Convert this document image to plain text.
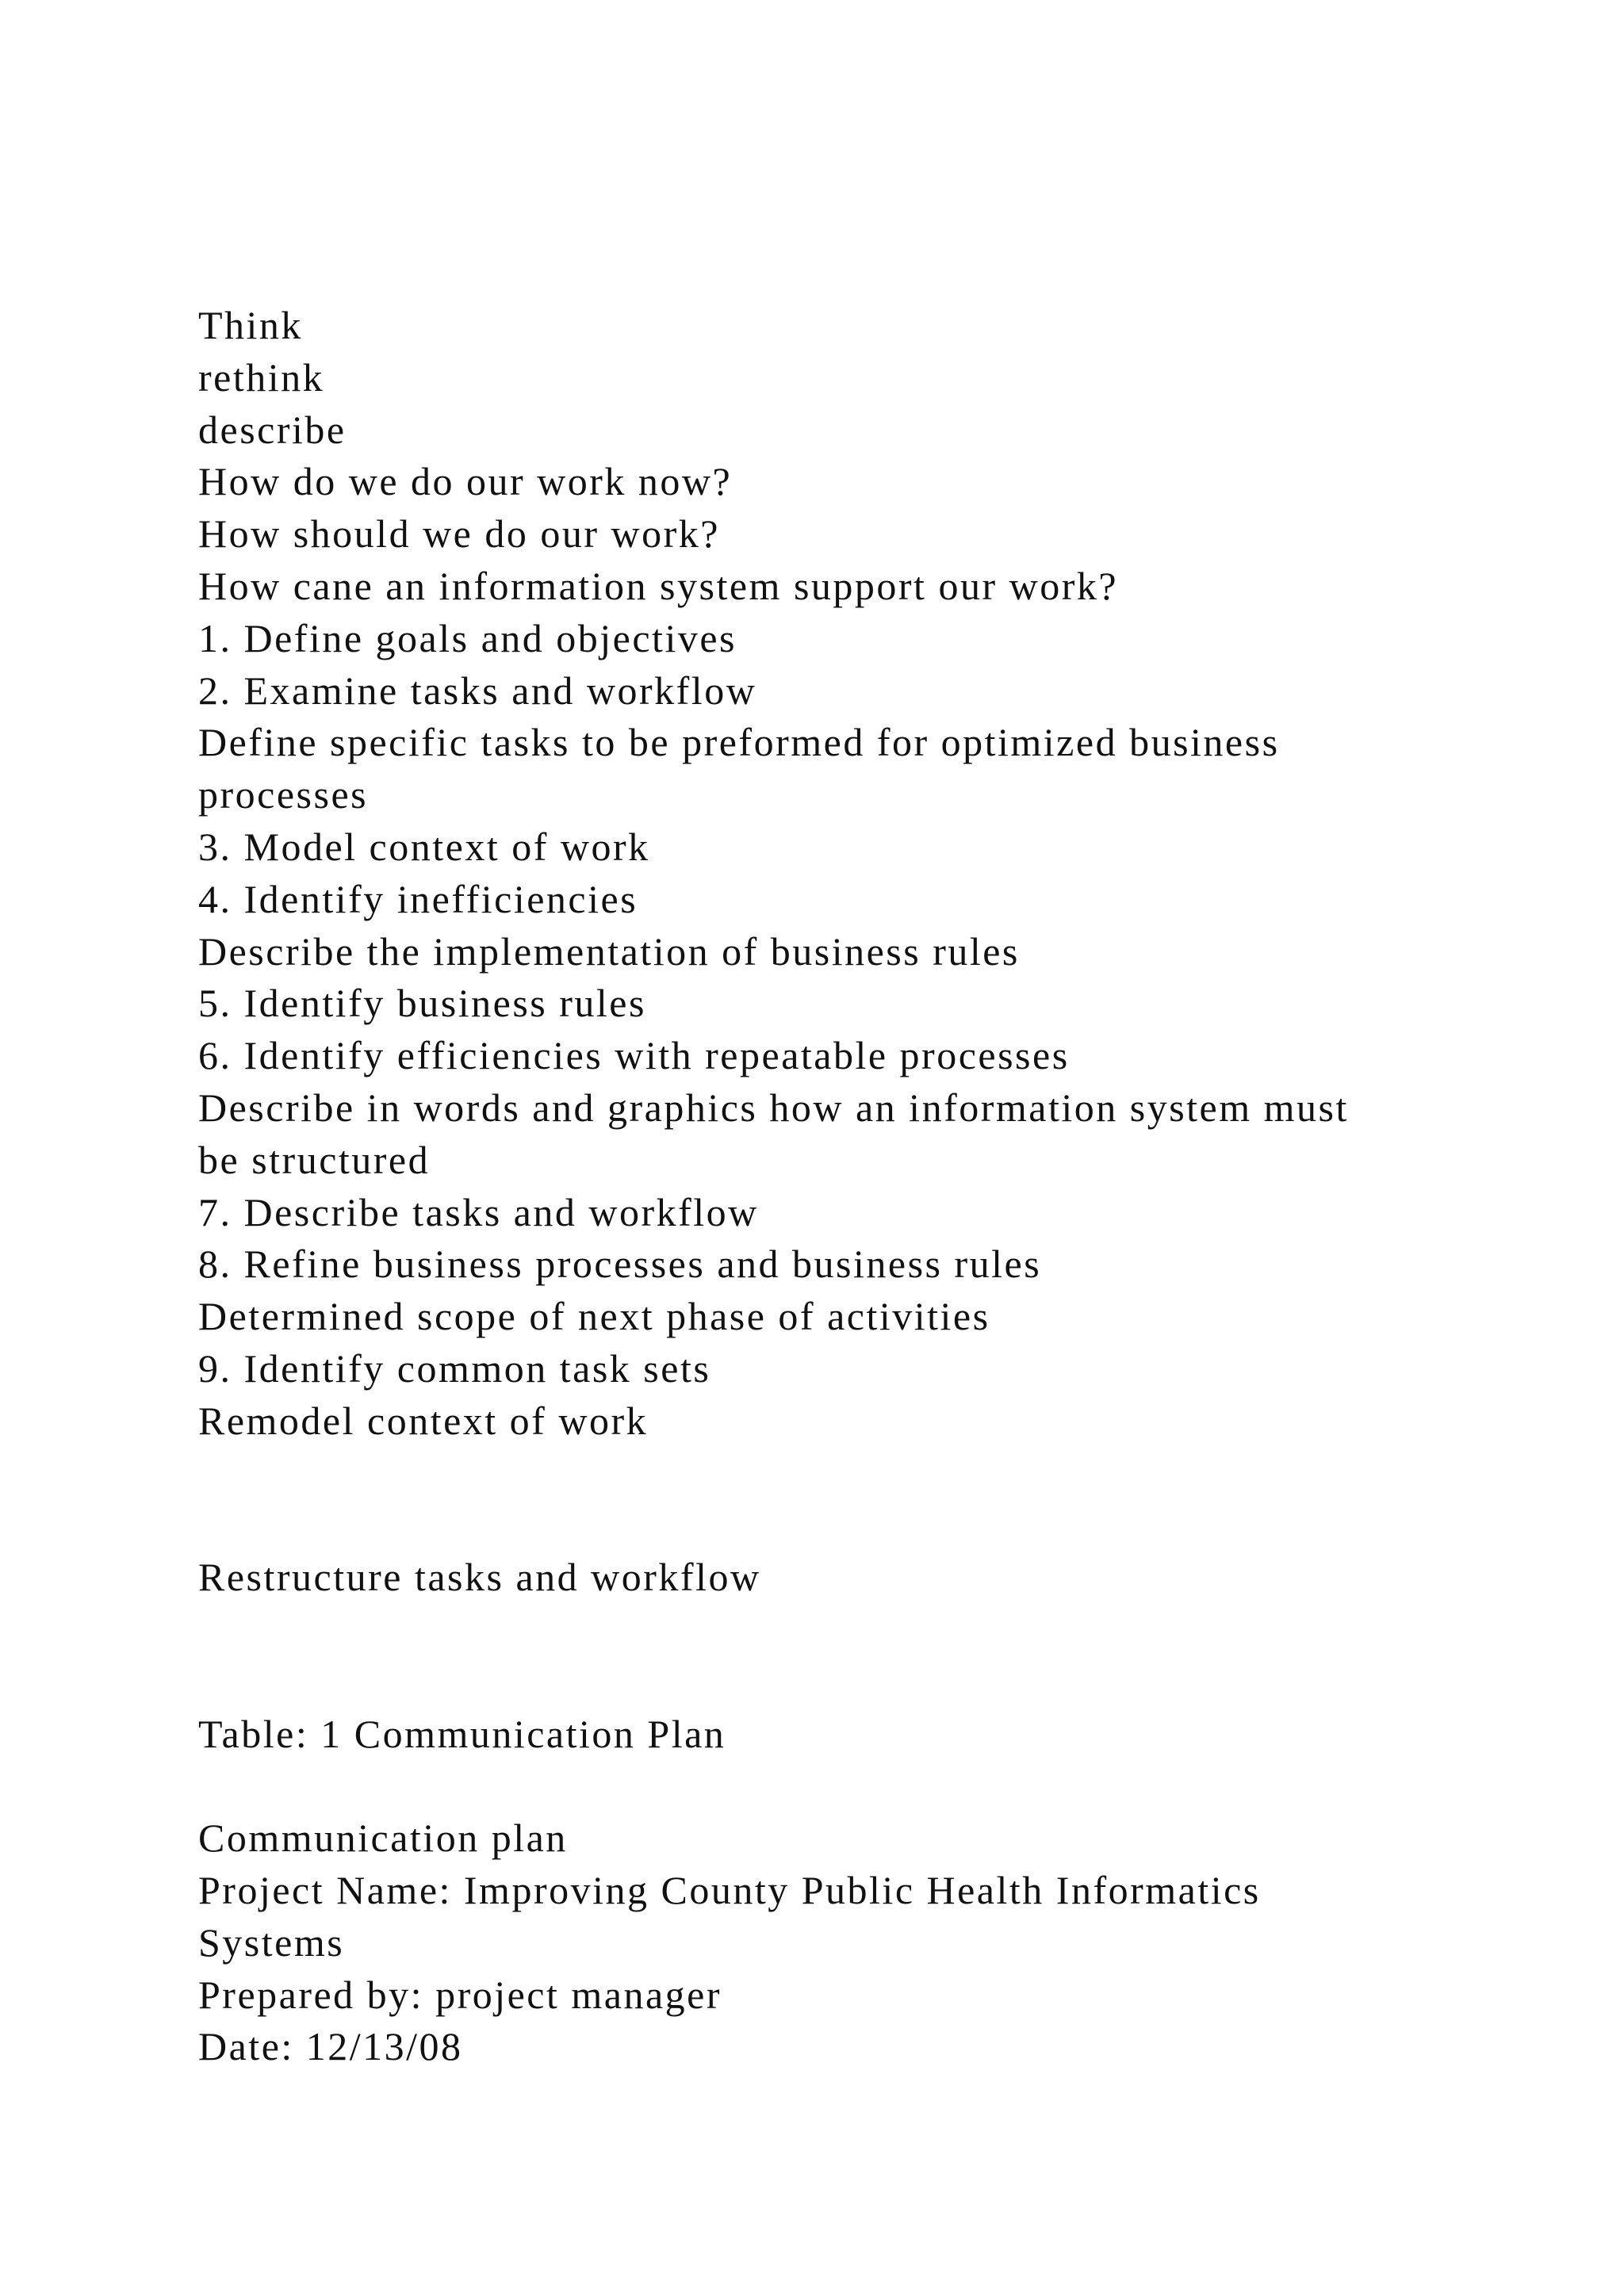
Think
rethink
describe
How do we do our work now?
How should we do our work?
How cane an information system support our work?
1. Define goals and objectives
2. Examine tasks and workflow
Define specific tasks to be preformed for optimized business
processes
3. Model context of work
4. Identify inefficiencies
Describe the implementation of business rules
5. Identify business rules
6. Identify efficiencies with repeatable processes
Describe in words and graphics how an information system must
be structured
7. Describe tasks and workflow
8. Refine business processes and business rules
Determined scope of next phase of activities
9. Identify common task sets
Remodel context of work
Restructure tasks and workflow
Table: 1 Communication Plan
Communication plan
Project Name: Improving County Public Health Informatics
Systems
Prepared by: project manager
Date: 12/13/08
